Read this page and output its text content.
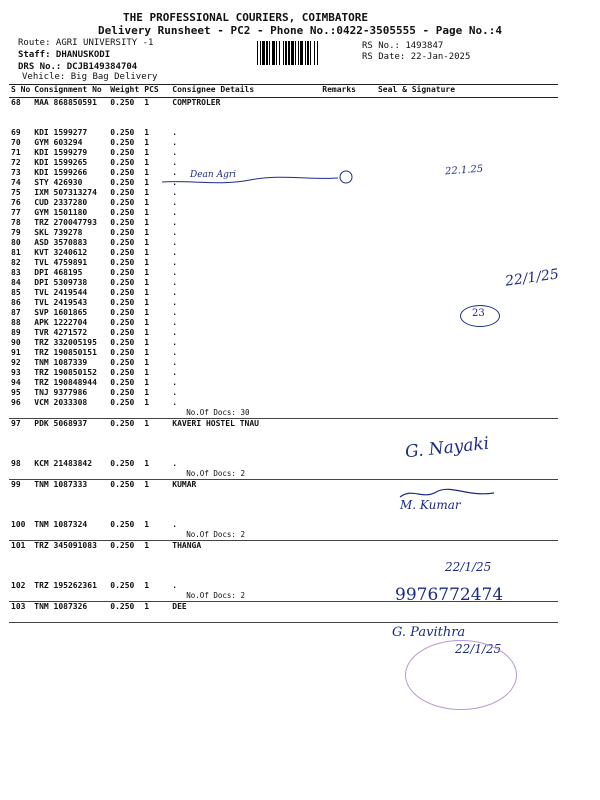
THE PROFESSIONAL COURIERS, COIMBATORE
Delivery Runsheet - PC2 - Phone No.:0422-3505555 - Page No.:4
Route: AGRI UNIVERSITY -1
Staff: DHANUSKODI
DRS No.: DCJB149384704
Vehicle: Big Bag Delivery
RS No.: 1493847
RS Date: 22-Jan-2025
S No	Consignment No	Weight	PCS	Consignee Details	Remarks	Seal & Signature
68	MAA 868850591	0.250	1	COMPTROLER		

69	KDI 1599277	0.250	1	.		
70	GYM 603294	0.250	1	.		
71	KDI 1599279	0.250	1	.		
72	KDI 1599265	0.250	1	.		
73	KDI 1599266	0.250	1	.		
74	STY 426930	0.250	1	.		
75	IXM 507313274	0.250	1	.		
76	CUD 2337280	0.250	1	.		
77	GYM 1501180	0.250	1	.		
78	TRZ 270047793	0.250	1	.		
79	SKL 739278	0.250	1	.		
80	ASD 3570883	0.250	1	.		
81	KVT 3240612	0.250	1	.		
82	TVL 4759891	0.250	1	.		
83	DPI 468195	0.250	1	.		
84	DPI 5309738	0.250	1	.		
85	TVL 2419544	0.250	1	.		
86	TVL 2419543	0.250	1	.		
87	SVP 1601865	0.250	1	.		
88	APK 1222704	0.250	1	.		
89	TVR 4271572	0.250	1	.		
90	TRZ 332005195	0.250	1	.		
91	TRZ 190850151	0.250	1	.		
92	TNM 1087339	0.250	1	.		
93	TRZ 190850152	0.250	1	.		
94	TRZ 190848944	0.250	1	.		
95	TNJ 9377986	0.250	1	.		
96	VCM 2033308	0.250	1	.		
				No.Of Docs: 30		
97	PDK 5068937	0.250	1	KAVERI HOSTEL TNAU		

98	KCM 21483842	0.250	1	.		
				No.Of Docs: 2		
99	TNM 1087333	0.250	1	KUMAR		

100	TNM 1087324	0.250	1	.		
				No.Of Docs: 2		
101	TRZ 345091083	0.250	1	THANGA		

102	TRZ 195262361	0.250	1	.		
				No.Of Docs: 2		
103	TNM 1087326	0.250	1	DEE		

Dean Agri	22.1.25
22/1/25
23
G. Nayaki
M. Kumar
9976772474
22/1/25
G. Pavithra
22/1/25
